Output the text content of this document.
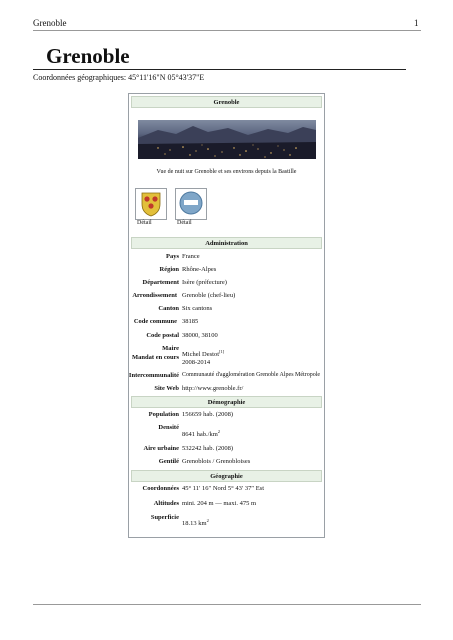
Grenoble	1
Grenoble
Coordonnées géographiques: 45°11'16"N 05°43'37"E
Grenoble
Vue de nuit sur Grenoble et ses environs depuis la Bastille
Détail	Détail
Administration
Pays France
Région Rhône-Alpes
Département Isère (préfecture)
Arrondissement Grenoble (chef-lieu)
Canton Six cantons
Code commune 38185
Code postal 38000, 38100
Maire
Mandat en cours Michel Destot[1]
2008-2014
Intercommunalité Communauté d'agglomération Grenoble Alpes Métropole
Site Web http://www.grenoble.fr/
Démographie
Population 156659 hab. (2008)
Densité
8641 $hab./km^2$
Aire urbaine 532242 hab. (2008)
Gentilé Grenoblois / Grenobloises
Géographie
Coordonnées 45° 11′ 16″ Nord 5° 43′ 37″ Est
Altitudes mini. 204 m — maxi. 475 m
Superficie
18.13 $km^2$
